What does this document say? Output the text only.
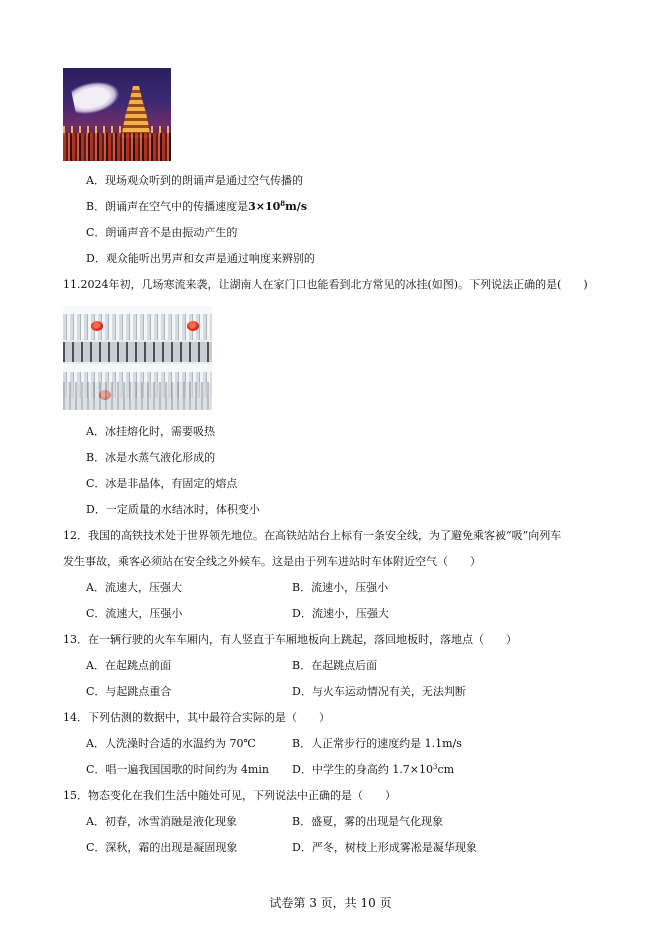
A．现场观众听到的朗诵声是通过空气传播的
B．朗诵声在空气中的传播速度是$3\times 10^8m/s$
C．朗诵声音不是由振动产生的
D．观众能听出男声和女声是通过响度来辨别的
11.2024年初，几场寒流来袭，让湖南人在家门口也能看到北方常见的冰挂(如图)。下列说法正确的是(　　)
A．冰挂熔化时，需要吸热
B．冰是水蒸气液化形成的
C．冰是非晶体，有固定的熔点
D．一定质量的水结冰时，体积变小
12．我国的高铁技术处于世界领先地位。在高铁站站台上标有一条安全线，为了避免乘客被“吸”向列车
发生事故，乘客必须站在安全线之外候车。这是由于列车进站时车体附近空气（　　）
A．流速大，压强大	B．流速小，压强小
C．流速大，压强小	D．流速小，压强大
13．在一辆行驶的火车车厢内，有人竖直于车厢地板向上跳起，落回地板时，落地点（　　）
A．在起跳点前面	B．在起跳点后面
C．与起跳点重合	D．与火车运动情况有关，无法判断
14．下列估测的数据中，其中最符合实际的是（　　）
A．人洗澡时合适的水温约为 70℃	B．人正常步行的速度约是 1.1m/s
C．唱一遍我国国歌的时间约为 4min D．中学生的身高约 $1.7\times 10^3cm$
15．物态变化在我们生活中随处可见，下列说法中正确的是（　　）
A．初春，冰雪消融是液化现象	B．盛夏，雾的出现是气化现象
C．深秋，霜的出现是凝固现象	D．严冬，树枝上形成雾凇是凝华现象
试卷第 3 页，共 10 页
